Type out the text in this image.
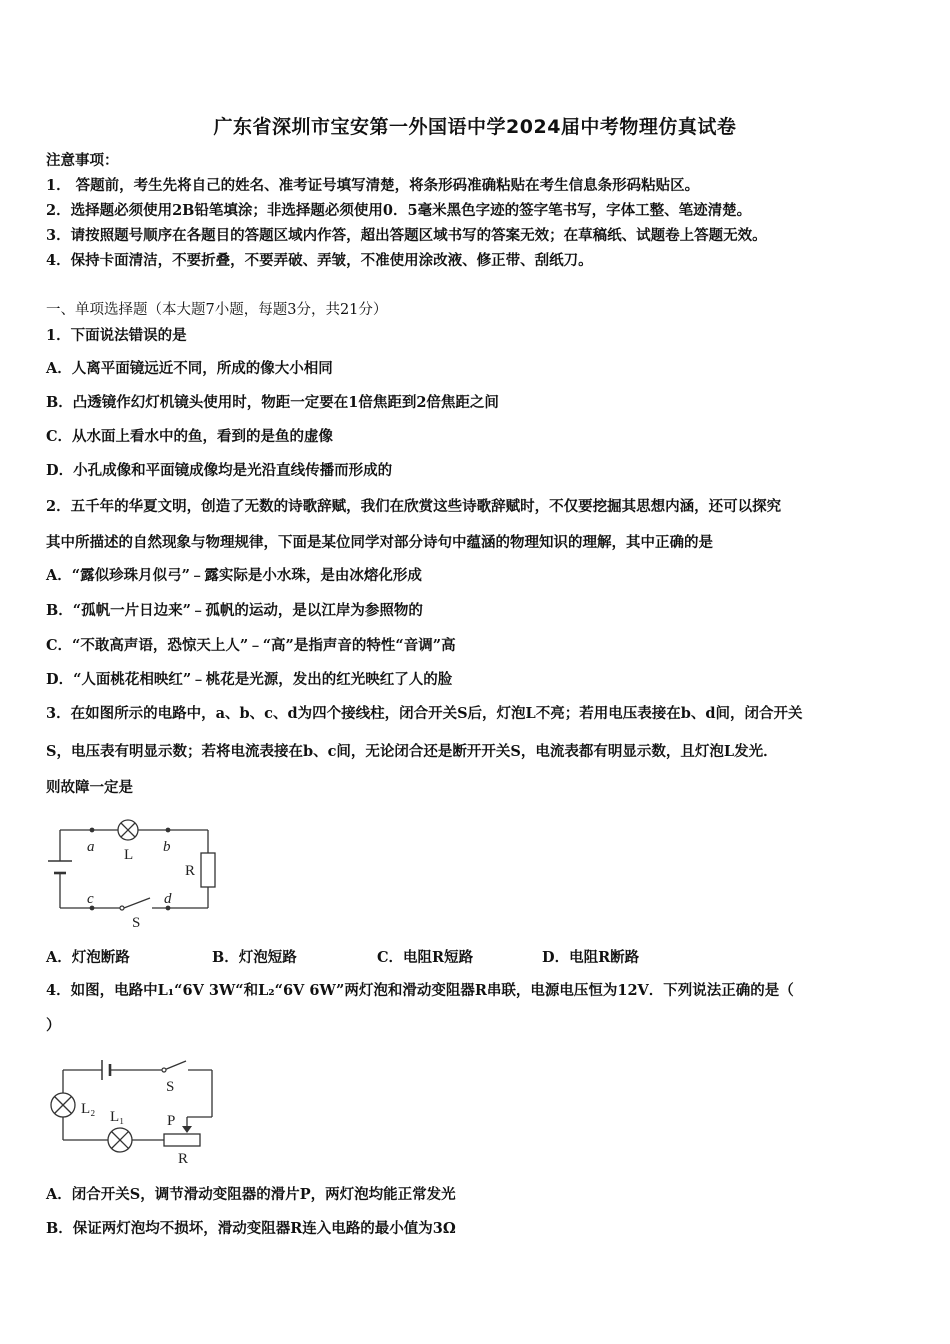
广东省深圳市宝安第一外国语中学2024届中考物理仿真试卷
注意事项：
1． 答题前，考生先将自己的姓名、准考证号填写清楚，将条形码准确粘贴在考生信息条形码粘贴区。
2．选择题必须使用2B铅笔填涂；非选择题必须使用0．5毫米黑色字迹的签字笔书写，字体工整、笔迹清楚。
3．请按照题号顺序在各题目的答题区域内作答，超出答题区域书写的答案无效；在草稿纸、试题卷上答题无效。
4．保持卡面清洁，不要折叠，不要弄破、弄皱，不准使用涂改液、修正带、刮纸刀。
一、单项选择题（本大题7小题，每题3分，共21分）
1．下面说法错误的是
A．人离平面镜远近不同，所成的像大小相同
B．凸透镜作幻灯机镜头使用时，物距一定要在1倍焦距到2倍焦距之间
C．从水面上看水中的鱼，看到的是鱼的虚像
D．小孔成像和平面镜成像均是光沿直线传播而形成的
2．五千年的华夏文明，创造了无数的诗歌辞赋，我们在欣赏这些诗歌辞赋时，不仅要挖掘其思想内涵，还可以探究
其中所描述的自然现象与物理规律，下面是某位同学对部分诗句中蕴涵的物理知识的理解，其中正确的是
A．“露似珍珠月似弓”﹣露实际是小水珠，是由冰熔化形成
B．“孤帆一片日边来”﹣孤帆的运动，是以江岸为参照物的
C．“不敢高声语，恐惊天上人”﹣“高”是指声音的特性“音调”高
D．“人面桃花相映红”﹣桃花是光源，发出的红光映红了人的脸
3．在如图所示的电路中，a、b、c、d为四个接线柱，闭合开关S后，灯泡L不亮；若用电压表接在b、d间，闭合开关
S，电压表有明显示数；若将电流表接在b、c间，无论闭合还是断开开关S，电流表都有明显示数，且灯泡L发光．
则故障一定是
a L b
R
c	d
S
A．灯泡断路	B．灯泡短路	C．电阻R短路	D．电阻R断路
4．如图，电路中L₁“6V 3W“和L₂“6V 6W”两灯泡和滑动变阻器R串联，电源电压恒为12V．下列说法正确的是（
）
S
L₂ L₁	P
R
A．闭合开关S，调节滑动变阻器的滑片P，两灯泡均能正常发光
B．保证两灯泡均不损坏，滑动变阻器R连入电路的最小值为3Ω
